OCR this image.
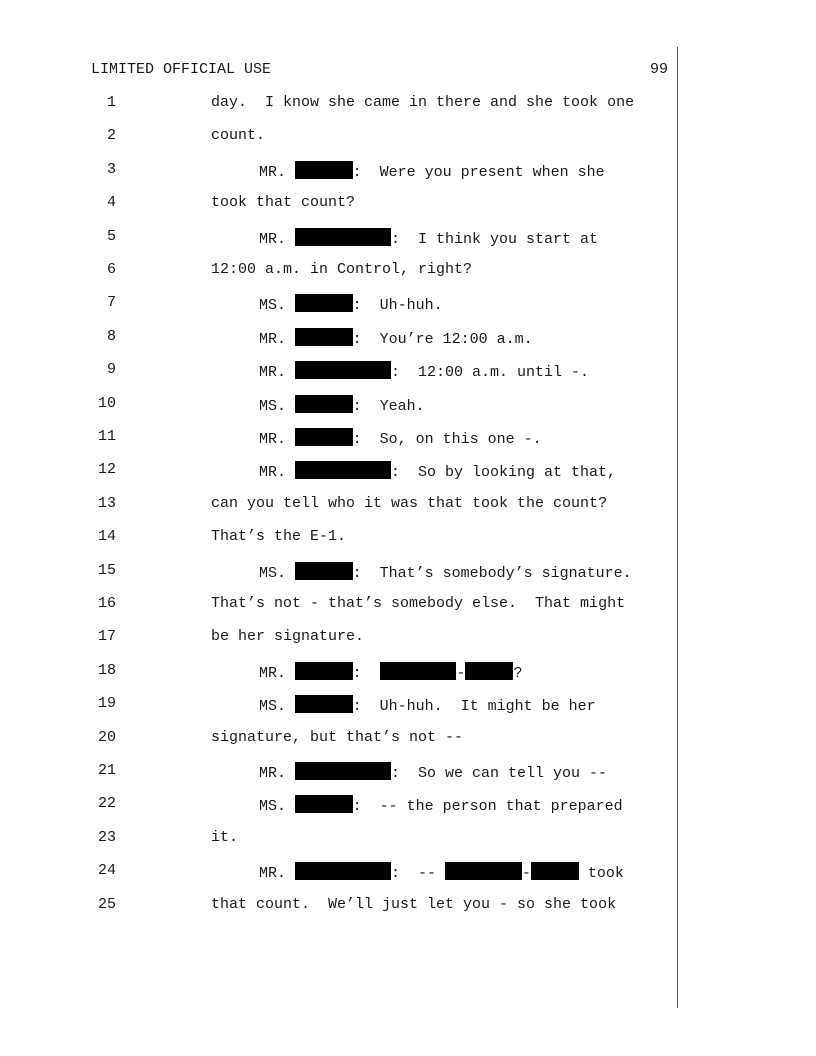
LIMITED OFFICIAL USE	99
1	day.  I know she came in there and she took one
2	count.
3	MR.	:  Were you present when she
4	took that count?
5	MR.	:  I think you start at
6	12:00 a.m. in Control, right?
7	MS.	:  Uh-huh.
8	MR.	:  You’re 12:00 a.m.
9	MR.	:  12:00 a.m. until -.
10	MS.	:  Yeah.
11	MR.	:  So, on this one -.
12	MR.	:  So by looking at that,
13	can you tell who it was that took the count?
14	That’s the E-1.
15	MS.	:  That’s somebody’s signature.
16	That’s not - that’s somebody else.  That might
17	be her signature.
18	MR.	:	-	?
19	MS.	:  Uh-huh.  It might be her
20	signature, but that’s not --
21	MR.	:  So we can tell you --
22	MS.	:  -- the person that prepared
23	it.
24	MR.	:  --	-	took
25	that count.  We’ll just let you - so she took
